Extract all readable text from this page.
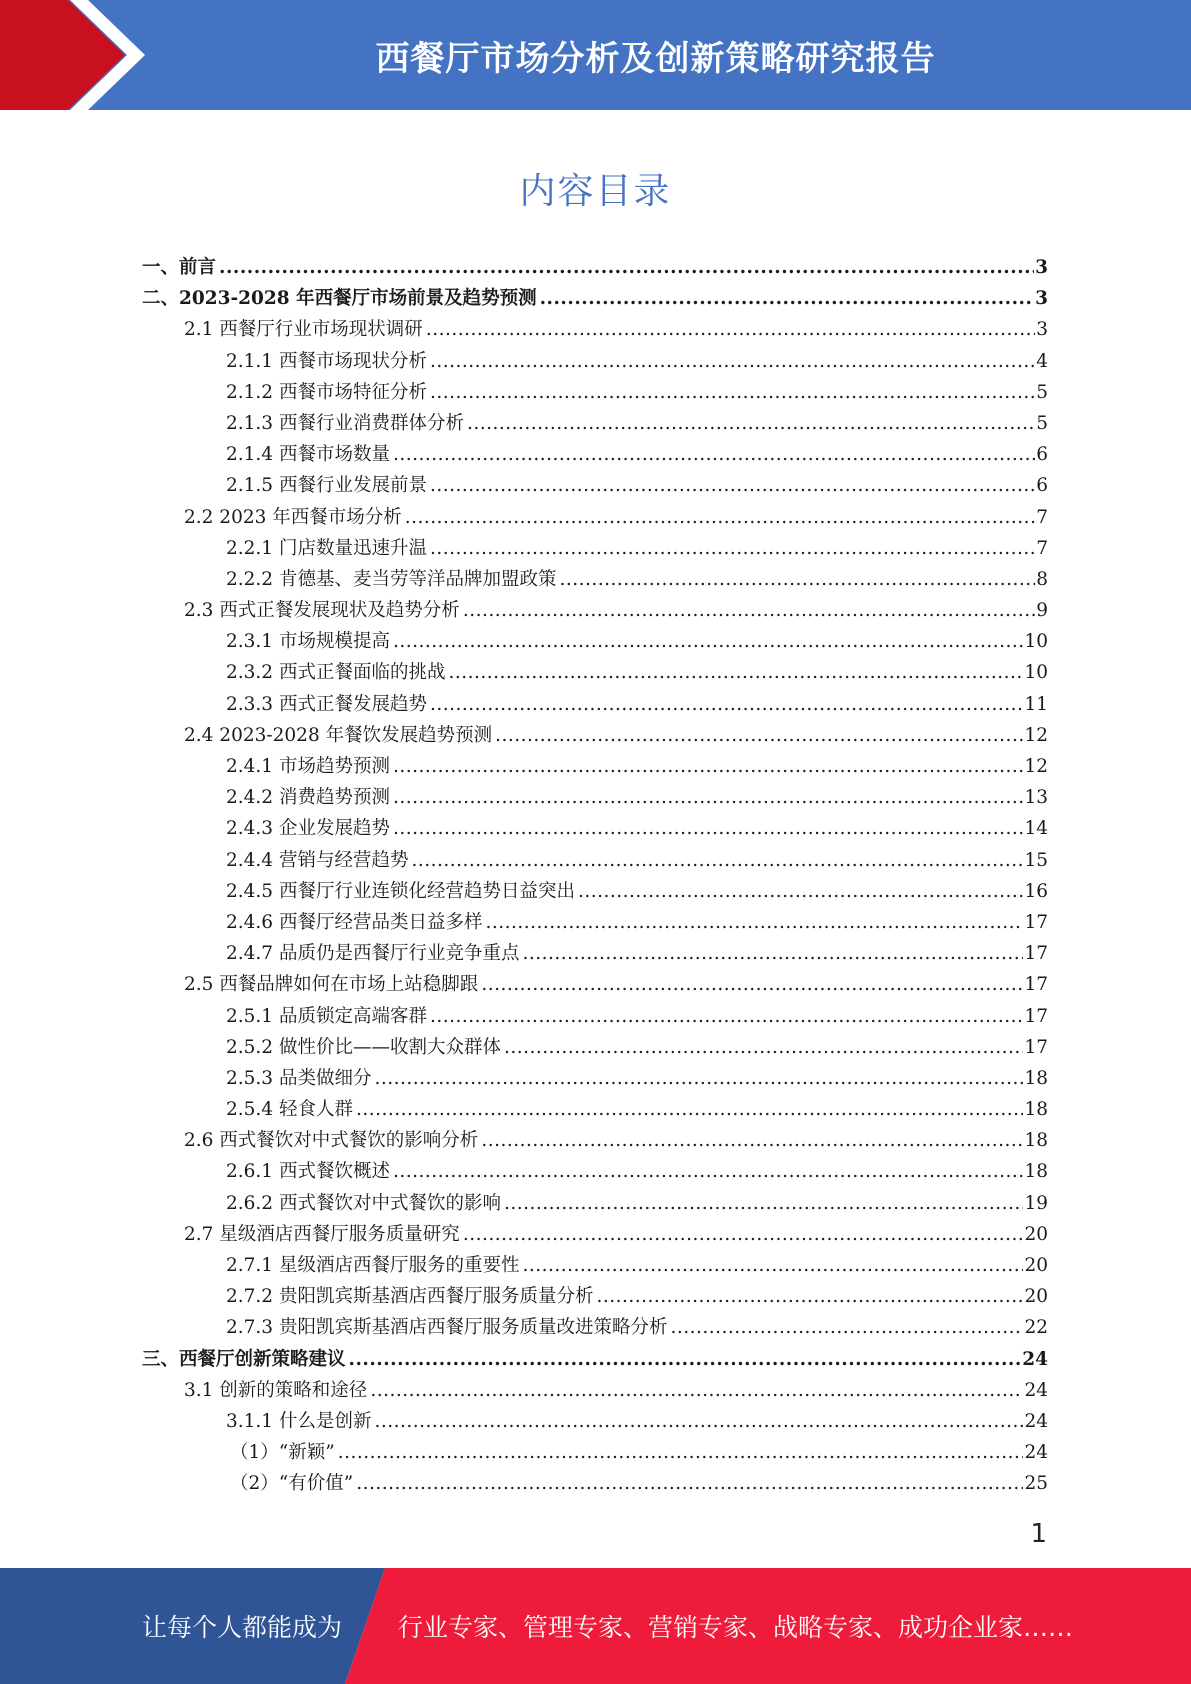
西餐厅市场分析及创新策略研究报告
内容目录
一、前言 .....	3
二、2023-2028 年西餐厅市场前景及趋势预测 .....	3
2.1 西餐厅行业市场现状调研 .....	3
2.1.1 西餐市场现状分析 .....	4
2.1.2 西餐市场特征分析 .....	5
2.1.3 西餐行业消费群体分析 .....	5
2.1.4 西餐市场数量 .....	6
2.1.5 西餐行业发展前景 .....	6
2.2 2023 年西餐市场分析 .....	7
2.2.1 门店数量迅速升温 .....	7
2.2.2 肯德基、麦当劳等洋品牌加盟政策 .....	8
2.3 西式正餐发展现状及趋势分析 .....	9
2.3.1 市场规模提高 .....	10
2.3.2 西式正餐面临的挑战 .....	10
2.3.3 西式正餐发展趋势 .....	11
2.4 2023-2028 年餐饮发展趋势预测 .....	12
2.4.1 市场趋势预测 .....	12
2.4.2 消费趋势预测 .....	13
2.4.3 企业发展趋势 .....	14
2.4.4 营销与经营趋势 .....	15
2.4.5 西餐厅行业连锁化经营趋势日益突出 .....	16
2.4.6 西餐厅经营品类日益多样 .....	17
2.4.7 品质仍是西餐厅行业竞争重点 .....	17
2.5 西餐品牌如何在市场上站稳脚跟 .....	17
2.5.1 品质锁定高端客群 .....	17
2.5.2 做性价比——收割大众群体 .....	17
2.5.3 品类做细分 .....	18
2.5.4 轻食人群 .....	18
2.6 西式餐饮对中式餐饮的影响分析 .....	18
2.6.1 西式餐饮概述 .....	18
2.6.2 西式餐饮对中式餐饮的影响 .....	19
2.7 星级酒店西餐厅服务质量研究 .....	20
2.7.1 星级酒店西餐厅服务的重要性 .....	20
2.7.2 贵阳凯宾斯基酒店西餐厅服务质量分析 .....	20
2.7.3 贵阳凯宾斯基酒店西餐厅服务质量改进策略分析 .....	22
三、西餐厅创新策略建议 .....	24
3.1 创新的策略和途径 .....	24
3.1.1 什么是创新 .....	24
（1）“新颖” .....	24
（2）“有价值” .....	25
1
让每个人都能成为 行业专家、管理专家、营销专家、战略专家、成功企业家……
